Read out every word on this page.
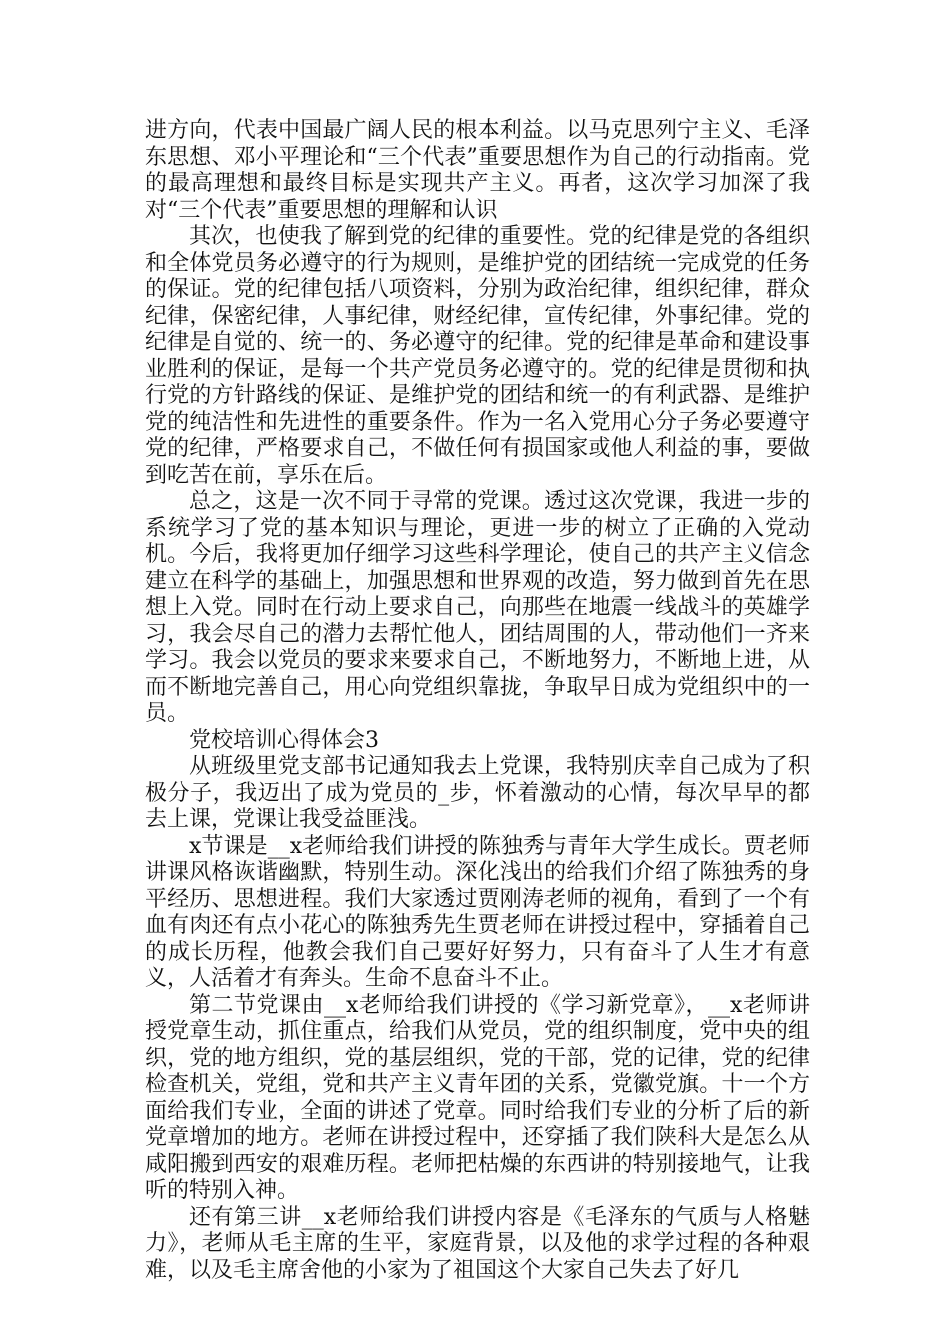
进方向，代表中国最广阔人民的根本利益。以马克思列宁主义、毛泽东思想、邓小平理论和“三个代表”重要思想作为自己的行动指南。党的最高理想和最终目标是实现共产主义。再者，这次学习加深了我对“三个代表”重要思想的理解和认识

其次，也使我了解到党的纪律的重要性。党的纪律是党的各组织和全体党员务必遵守的行为规则，是维护党的团结统一完成党的任务的保证。党的纪律包括八项资料，分别为政治纪律，组织纪律，群众纪律，保密纪律，人事纪律，财经纪律，宣传纪律，外事纪律。党的纪律是自觉的、统一的、务必遵守的纪律。党的纪律是革命和建设事业胜利的保证，是每一个共产党员务必遵守的。党的纪律是贯彻和执行党的方针路线的保证、是维护党的团结和统一的有利武器、是维护党的纯洁性和先进性的重要条件。作为一名入党用心分子务必要遵守党的纪律，严格要求自己，不做任何有损国家或他人利益的事，要做到吃苦在前，享乐在后。

总之，这是一次不同于寻常的党课。透过这次党课，我进一步的系统学习了党的基本知识与理论，更进一步的树立了正确的入党动机。今后，我将更加仔细学习这些科学理论，使自己的共产主义信念建立在科学的基础上，加强思想和世界观的改造，努力做到首先在思想上入党。同时在行动上要求自己，向那些在地震一线战斗的英雄学习，我会尽自己的潜力去帮忙他人，团结周围的人，带动他们一齐来学习。我会以党员的要求来要求自己，不断地努力，不断地上进，从而不断地完善自己，用心向党组织靠拢，争取早日成为党组织中的一员。

党校培训心得体会3

从班级里党支部书记通知我去上党课，我特别庆幸自己成为了积极分子，我迈出了成为党员的_步，怀着激动的心情，每次早早的都去上课，党课让我受益匪浅。

x节课是__x老师给我们讲授的陈独秀与青年大学生成长。贾老师讲课风格诙谐幽默，特别生动。深化浅出的给我们介绍了陈独秀的身平经历、思想进程。我们大家透过贾刚涛老师的视角，看到了一个有血有肉还有点小花心的陈独秀先生贾老师在讲授过程中，穿插着自己的成长历程，他教会我们自己要好好努力，只有奋斗了人生才有意义，人活着才有奔头。生命不息奋斗不止。

第二节党课由__x老师给我们讲授的《学习新党章》，__x老师讲授党章生动，抓住重点，给我们从党员，党的组织制度，党中央的组织，党的地方组织，党的基层组织，党的干部，党的记律，党的纪律检查机关，党组，党和共产主义青年团的关系，党徽党旗。十一个方面给我们专业，全面的讲述了党章。同时给我们专业的分析了后的新党章增加的地方。老师在讲授过程中，还穿插了我们陕科大是怎么从咸阳搬到西安的艰难历程。老师把枯燥的东西讲的特别接地气，让我听的特别入神。

还有第三讲__x老师给我们讲授内容是《毛泽东的气质与人格魅力》，老师从毛主席的生平，家庭背景，以及他的求学过程的各种艰难，以及毛主席舍他的小家为了祖国这个大家自己失去了好几
